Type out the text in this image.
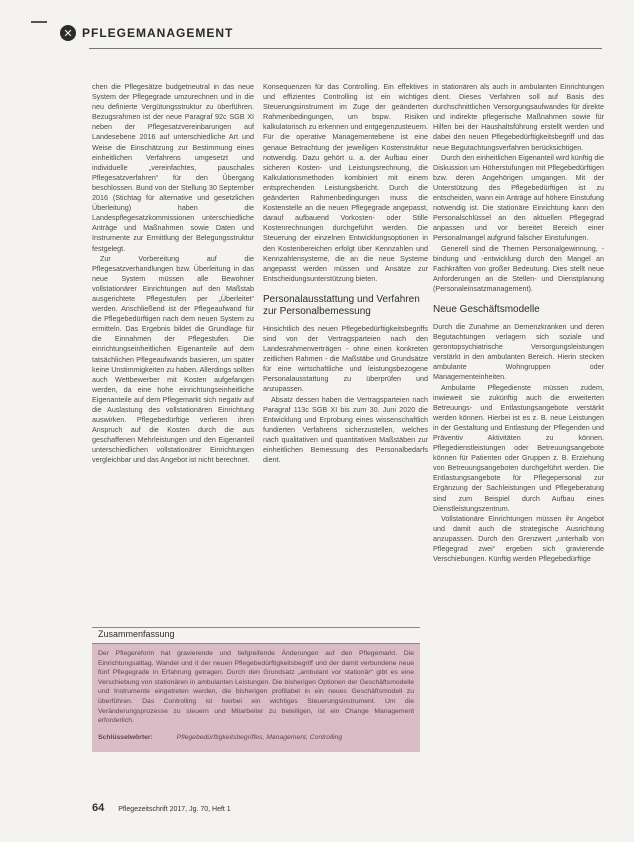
✕ PFLEGEMANAGEMENT

chen die Pflegesätze budgetneutral in das neue System der Pflegegrade umzurechnen und in die neu definierte Vergütungsstruktur zu überführen. Bezugsrahmen ist der neue Paragraf 92c SGB XI neben der Pflegesatzvereinbarungen auf Landesebene 2016 auf unterschiedliche Art und Weise die Einschätzung zur Bestimmung eines einheitlichen Verfahrens umgesetzt und individuelle „vereinfachtes, pauschales Pflegesatzverfahren“ für den Übergang beschlossen. Bund von der Stellung 30 September 2016 (Stichtag für alternative und gesetzlichen Überleitung) haben die Landespflegesatzkommissionen unterschiedliche Anträge und Maßnahmen sowie Daten und Instrumente zur Ermittlung der Belegungsstruktur festgelegt.

Zur Vorbereitung auf die Pflegesatzverhandlungen bzw. Überleitung in das neue System müssen alle Bewohner vollstationärer Einrichtungen auf den Maßstab ausgerichtete Pflegestufen per „Überleitet“ werden. Anschließend ist der Pflegeaufwand für die Pflegebedürftigen nach dem neuen System zu ermitteln. Das Ergebnis bildet die Grundlage für die Einnahmen der Pflegestufen. Die einrichtungseinheitlichen Eigenanteile auf dem tatsächlichen Pflegeaufwands basieren, um später keine Unstimmigkeiten zu haben. Allerdings sollten auch Wettbewerber mit Kosten aufgefangen werden, da eine hohe einrichtungseinheitliche Eigenanteile auf dem Pflegemarkt sich negativ auf die Auslastung des vollstationären Einrichtung auswirken. Pflegebedürftige verlieren ihren Anspruch auf die Kosten durch die aus geschaffenen Mehrleistungen und den Eigenanteil unterschiedlichen vollstationärer Einrichtungen vergleichbar und das Angebot ist nicht berechnet.

Konsequenzen für das Controlling. Ein effektives und effizientes Controlling ist ein wichtiges Steuerungsinstrument im Zuge der geänderten Rahmenbedingungen, um bspw. Risiken kalkulatorisch zu erkennen und entgegenzusteuern. Für die operative Managementebene ist eine genaue Betrachtung der jeweiligen Kostenstruktur notwendig. Dazu gehört u. a. der Aufbau einer sicheren Kosten- und Leistungsrechnung, die Kalkulationsmethoden kombiniert mit einem entsprechenden Leistungsbericht. Durch die geänderten Rahmenbedingungen muss die Kostenstelle an die neuen Pflegegrade angepasst, darauf aufbauend Vorkosten- oder Stille Kostenrechnungen durchgeführt werden. Die Steuerung der einzelnen Entwicklungsoptionen in den Kostenbereichen erfolgt über Kennzahlen und Kennzahlensysteme, die an die neue Systeme angepasst werden müssen und Ansätze zur Entscheidungsunterstützung bieten.

Personalausstattung und Verfahren zur Personalbemessung

Hinsichtlich des neuen Pflegebedürftigkeitsbegriffs sind von der Vertragsparteien nach den Landesrahmenverträgen - ohne einen konkreten zeitlichen Rahmen - die Maßstäbe und Grundsätze für eine wirtschaftliche und leistungsbezogene Personalausstattung zu überprüfen und anzupassen.

Absatz dessen haben die Vertragsparteien nach Paragraf 113c SGB XI bis zum 30. Juni 2020 die Entwicklung und Erprobung eines wissenschaftlich fundierten Verfahrens sicherzustellen, welches nach qualitativen und quantitativen Maßstäben zur einheitlichen Bemessung des Personalbedarfs dient.

in stationären als auch in ambulanten Einrichtungen dient. Dieses Verfahren soll auf Basis des durchschnittlichen Versorgungsaufwandes für direkte und indirekte pflegerische Maßnahmen sowie für Hilfen bei der Haushaltsführung erstellt werden und dabei den neuen Pflegebedürftigkeitsbegriff und das neue Begutachtungsverfahren berücksichtigen.

Durch den einheitlichen Eigenanteil wird künftig die Diskussion um Höherstufungen mit Pflegebedürftigen bzw. deren Angehörigen umgangen. Mit der Unterstützung des Pflegebedürftigen ist zu entscheiden, wann ein Anträge auf höhere Einstufung notwendig ist. Die stationäre Einrichtung kann den Personalschlüssel an den aktuellen Pflegegrad anpassen und vor bereitet Bereich einer Personalmangel aufgrund falscher Einstufungen.

Generell sind die Themen Personalgewinnung, -bindung und -entwicklung durch den Mangel an Fachkräften von großer Bedeutung. Dies stellt neue Anforderungen an die Stellen- und Dienstplanung (Personaleinsatzmanagement).

Neue Geschäftsmodelle

Durch die Zunahme an Demenzkranken und deren Begutachtungen verlagern sich soziale und gerontopsychiatrische Versorgungsleistungen verstärkt in den ambulanten Bereich. Hierin stecken ambulante Wohngruppen oder Managementeinheiten.

Ambulante Pflegedienste müssen zudem, inwieweit sie zukünftig auch die erweiterten Betreuungs- und Entlastungsangebote verstärkt werden können. Hierbei ist es z. B. neue Leistungen in der Gestaltung und Entlastung der Pflegenden und Präventiv Aktivitäten zu können. Pflegedienstleistungen oder Betreuungsangebote können für Patienten oder Gruppen z. B. Erziehung von Betreuungsangeboten durchgeführt werden. Die Entlastungsangebote für Pflegepersonal zur Ergänzung der Sachleistungen und Pflegeberatung sind zum Beispiel durch Aufbau eines Dienstleistungszentrum.

Vollstationäre Einrichtungen müssen ihr Angebot und damit auch die strategische Ausrichtung anzupassen. Durch den Grenzwert „unterhalb von Pflegegrad zwei“ ergeben sich gravierende Verschiebungen. Künftig werden Pflegebedürftige

Zusammenfassung
Der Pflegereform hat gravierende und tiefgreifende Änderungen auf den Pflegemarkt. Die Einrichtungsalltag, Wandel und it der neuen Pflegebedürftigkeitsbegriff und der damit verbundene neue fünf Pflegegrade in Erfahrung getragen. Durch den Grundsatz „ambulant vor stationär“ gibt es eine Verschiebung von stationären in ambulanten Leistungen. Die bisherigen Optionen der Geschäftsmodelle und Instrumente eingetreten werden, die bisherigen profitabel in ein neues Geschäftsmodell zu überführen. Das Controlling ist hierbei ein wichtiges Steuerungsinstrument. Um die Veränderungsprozesse zu steuern und Mitarbeiter zu beteiligen, ist ein Change Management erforderlich.
Schlüsselwörter:	Pflegebedürftigkeitsbegriffes, Management, Controlling
64 Pflegezeitschrift 2017, Jg. 70, Heft 1
